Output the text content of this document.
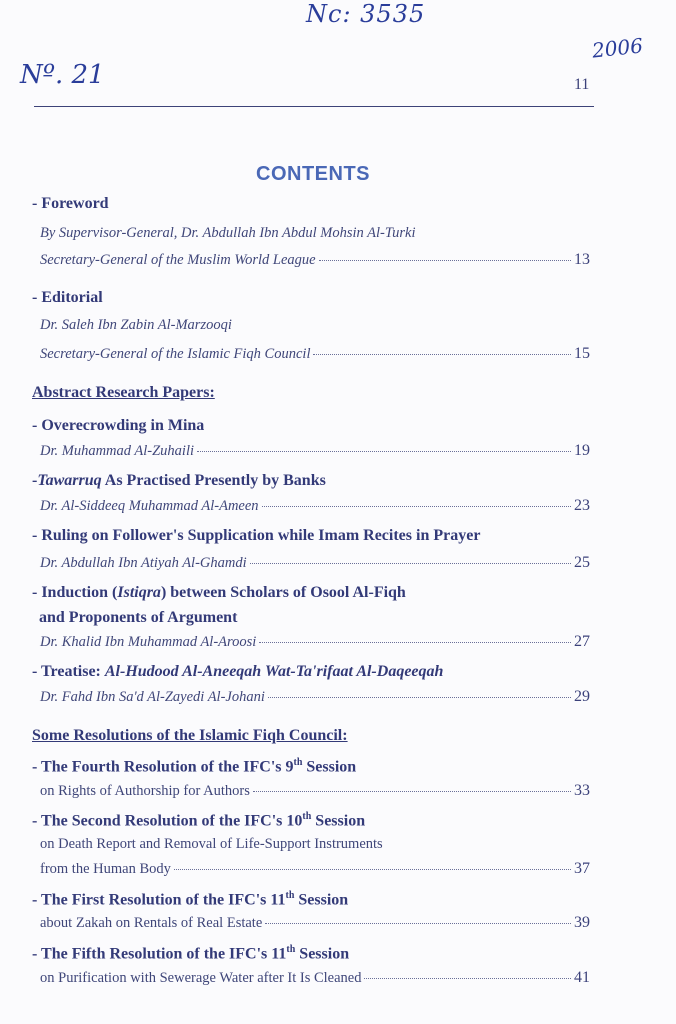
Nc: 3535
Nº. 21
2006
11
CONTENTS
- Foreword
By Supervisor-General, Dr. Abdullah Ibn Abdul Mohsin Al-Turki
Secretary-General of the Muslim World League	13
- Editorial
Dr. Saleh Ibn Zabin Al-Marzooqi
Secretary-General of the Islamic Fiqh Council	15
Abstract Research Papers:
- Overecrowding in Mina
Dr. Muhammad Al-Zuhaili	19
-Tawarruq As Practised Presently by Banks
Dr. Al-Siddeeq Muhammad Al-Ameen	23
- Ruling on Follower's Supplication while Imam Recites in Prayer
Dr. Abdullah Ibn Atiyah Al-Ghamdi	25
- Induction (Istiqra) between Scholars of Osool Al-Fiqh
and Proponents of Argument
Dr. Khalid Ibn Muhammad Al-Aroosi	27
- Treatise: Al-Hudood Al-Aneeqah Wat-Ta'rifaat Al-Daqeeqah
Dr. Fahd Ibn Sa'd Al-Zayedi Al-Johani	29
Some Resolutions of the Islamic Fiqh Council:
- The Fourth Resolution of the IFC's 9th Session
on Rights of Authorship for Authors	33
- The Second Resolution of the IFC's 10th Session
on Death Report and Removal of Life-Support Instruments
from the Human Body	37
- The First Resolution of the IFC's 11th Session
about Zakah on Rentals of Real Estate	39
- The Fifth Resolution of the IFC's 11th Session
on Purification with Sewerage Water after It Is Cleaned	41
